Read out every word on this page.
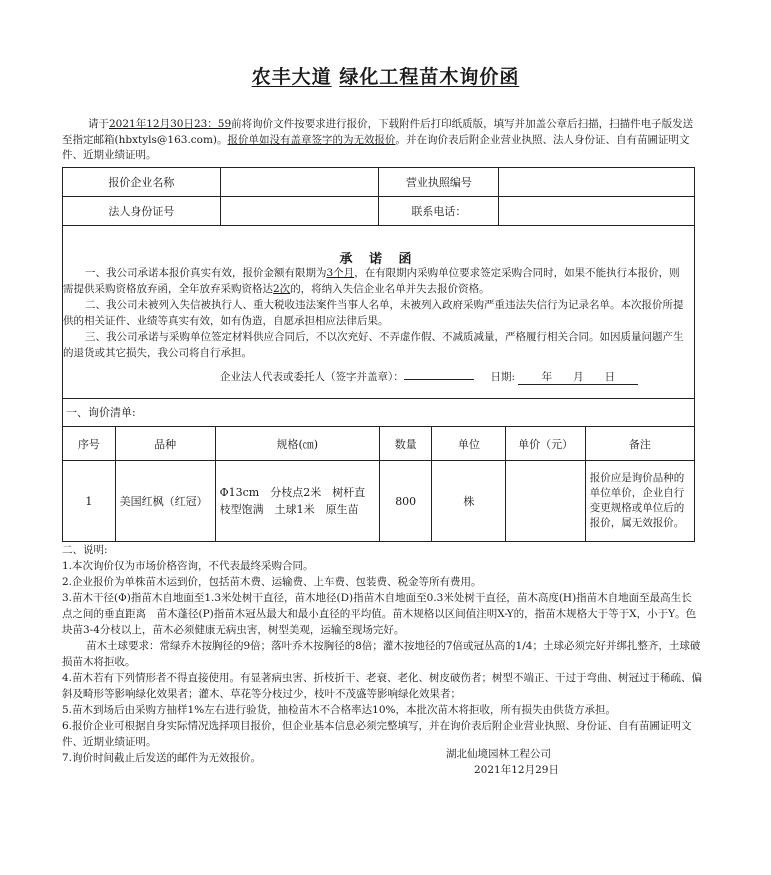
农丰大道 绿化工程苗木询价函
请于2021年12月30日23：59前将询价文件按要求进行报价，下载附件后打印纸质版，填写并加盖公章后扫描，扫描件电子版发送至指定邮箱(hbxtyls@163.com)。报价单如没有盖章签字的为无效报价。并在询价表后附企业营业执照、法人身份证、自有苗圃证明文件、近期业绩证明。
报价企业名称		营业执照编号	
法人身份证号		联系电话：	
承 诺 函

一、我公司承诺本报价真实有效，报价金额有限期为3个月，在有限期内采购单位要求签定采购合同时，如果不能执行本报价，则需提供采购资格放弃函，全年放弃采购资格达2次的，将纳入失信企业名单并失去报价资格。

二、我公司未被列入失信被执行人、重大税收违法案件当事人名单，未被列入政府采购严重违法失信行为记录名单。本次报价所提供的相关证件、业绩等真实有效，如有伪造，自愿承担相应法律后果。

三、我公司承诺与采购单位签定材料供应合同后，不以次充好、不弄虚作假、不减质减量，严格履行相关合同。如因质量问题产生的退货或其它损失，我公司将自行承担。

企业法人代表或委托人（签字并盖章）：	日期:	年　　月　　日
一、询价清单:
序号	品种	规格(㎝)	数量	单位	单价（元）	备注
1	美国红枫（红冠）	Φ13cm　分枝点2米　树杆直
枝型饱满　土球1米　原生苗	800	株		报价应是询价品种的单位单价，企业自行变更规格或单位后的报价，属无效报价。

二、说明:

1.本次询价仅为市场价格咨询，不代表最终采购合同。

2.企业报价为单株苗木运到价，包括苗木费、运输费、上车费、包装费、税金等所有费用。

3.苗木干径(Φ)指苗木自地面至1.3米处树干直径，苗木地径(D)指苗木自地面至0.3米处树干直径，苗木高度(H)指苗木自地面至最高生长点之间的垂直距离　苗木蓬径(P)指苗木冠丛最大和最小直径的平均值。苗木规格以区间值注明X-Y的，指苗木规格大于等于X，小于Y。色块苗3-4分枝以上，苗木必须健康无病虫害，树型美观，运输至现场完好。

苗木土球要求：常绿乔木按胸径的9倍；落叶乔木按胸径的8倍；灌木按地径的7倍或冠丛高的1/4；土球必须完好并绑扎整齐，土球破损苗木将拒收。

4.苗木若有下列情形者不得直接使用。有显著病虫害、折枝折干、老衰、老化、树皮破伤者；树型不端正、干过于弯曲、树冠过于稀疏、偏斜及畸形等影响绿化效果者；灌木、草花等分枝过少，枝叶不茂盛等影响绿化效果者；

5.苗木到场后由采购方抽样1%左右进行验货，抽检苗木不合格率达10%，本批次苗木将拒收，所有损失由供货方承担。

6.报价企业可根据自身实际情况选择项目报价，但企业基本信息必须完整填写，并在询价表后附企业营业执照、身份证、自有苗圃证明文件、近期业绩证明。

7.询价时间截止后发送的邮件为无效报价。	湖北仙境园林工程公司
2021年12月29日
